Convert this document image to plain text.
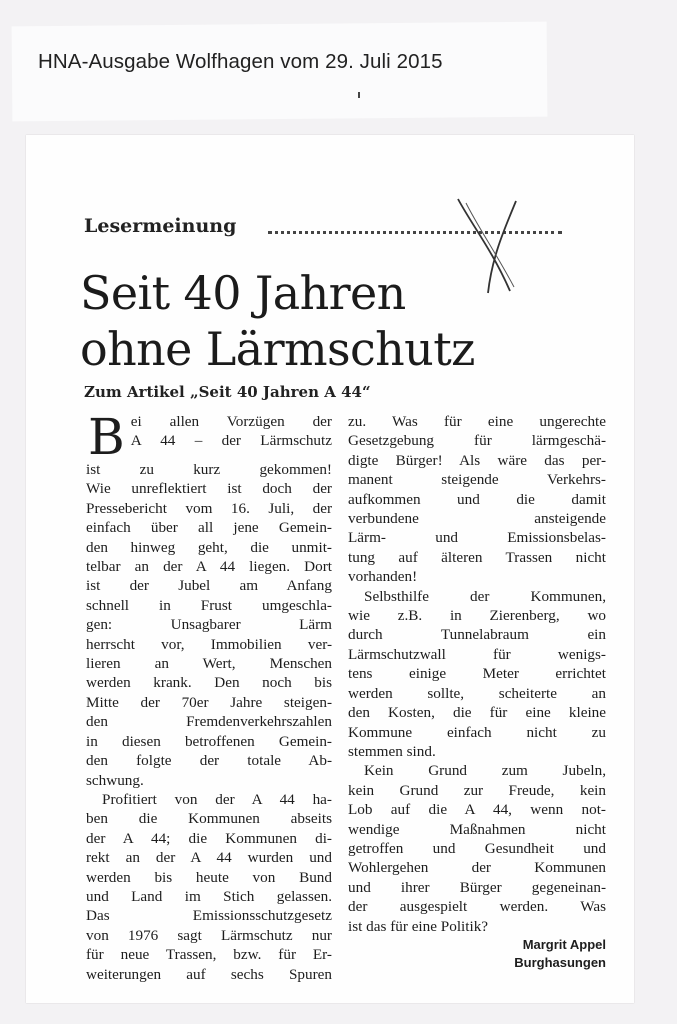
HNA-Ausgabe Wolfhagen vom 29. Juli 2015
Lesermeinung
Seit 40 Jahren
ohne Lärmschutz
Zum Artikel „Seit 40 Jahren A 44“
B ei allen Vorzügen der
A 44 – der Lärmschutz
ist zu kurz gekommen!
Wie unreflektiert ist doch der
Pressebericht vom 16. Juli, der
einfach über all jene Gemein-
den hinweg geht, die unmit-
telbar an der A 44 liegen. Dort
ist der Jubel am Anfang
schnell in Frust umgeschla-
gen: Unsagbarer Lärm
herrscht vor, Immobilien ver-
lieren an Wert, Menschen
werden krank. Den noch bis
Mitte der 70er Jahre steigen-
den Fremdenverkehrszahlen
in diesen betroffenen Gemein-
den folgte der totale Ab-
schwung.
Profitiert von der A 44 ha-
ben die Kommunen abseits
der A 44; die Kommunen di-
rekt an der A 44 wurden und
werden bis heute von Bund
und Land im Stich gelassen.
Das Emissionsschutzgesetz
von 1976 sagt Lärmschutz nur
für neue Trassen, bzw. für Er-
weiterungen auf sechs Spuren
zu. Was für eine ungerechte
Gesetzgebung für lärmgeschä-
digte Bürger! Als wäre das per-
manent steigende Verkehrs-
aufkommen und die damit
verbundene ansteigende
Lärm- und Emissionsbelas-
tung auf älteren Trassen nicht
vorhanden!
Selbsthilfe der Kommunen,
wie z.B. in Zierenberg, wo
durch Tunnelabraum ein
Lärmschutzwall für wenigs-
tens einige Meter errichtet
werden sollte, scheiterte an
den Kosten, die für eine kleine
Kommune einfach nicht zu
stemmen sind.
Kein Grund zum Jubeln,
kein Grund zur Freude, kein
Lob auf die A 44, wenn not-
wendige Maßnahmen nicht
getroffen und Gesundheit und
Wohlergehen der Kommunen
und ihrer Bürger gegeneinan-
der ausgespielt werden. Was
ist das für eine Politik?
Margrit Appel
Burghasungen
